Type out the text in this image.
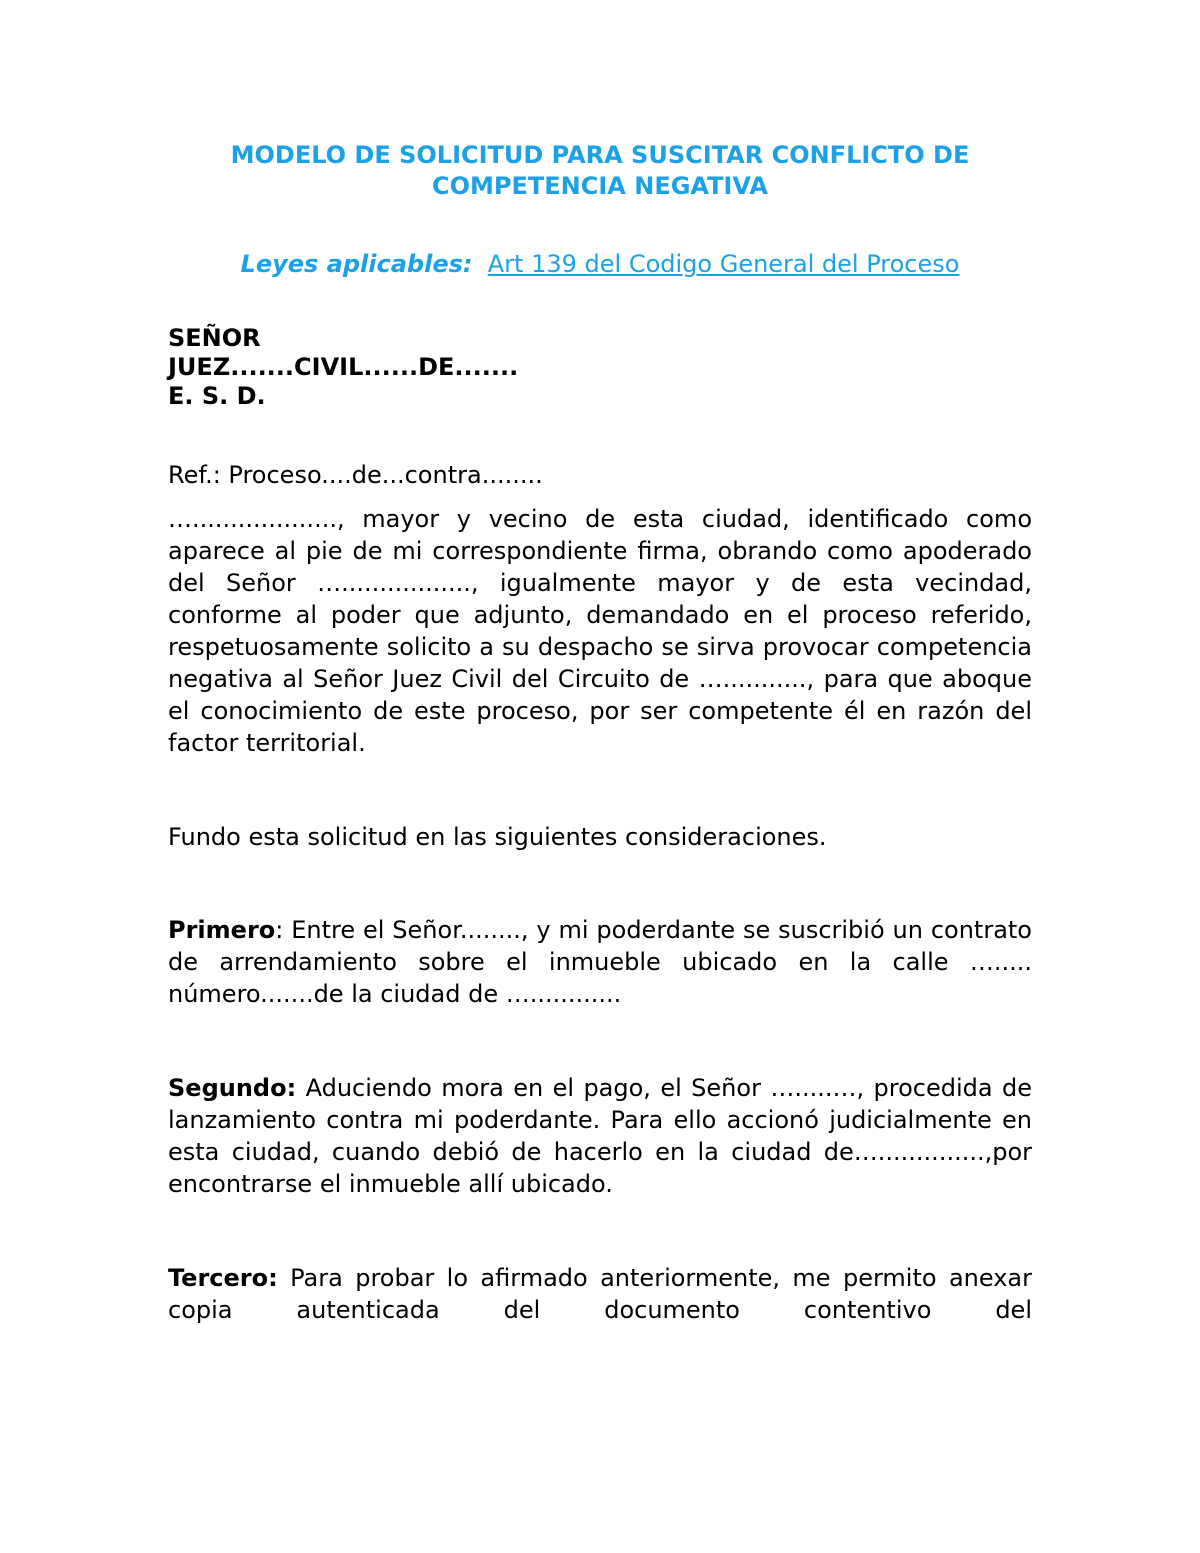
MODELO DE SOLICITUD PARA SUSCITAR CONFLICTO DE COMPETENCIA NEGATIVA

Leyes aplicables: Art 139 del Codigo General del Proceso

SEÑOR
JUEZ.......CIVIL......DE.......
E. S. D.

Ref.: Proceso....de...contra........

…..................., mayor y vecino de esta ciudad, identificado como aparece al pie de mi correspondiente firma, obrando como apoderado del Señor …................., igualmente mayor y de esta vecindad, conforme al poder que adjunto, demandado en el proceso referido, respetuosamente solicito a su despacho se sirva provocar competencia negativa al Señor Juez Civil del Circuito de …..........., para que aboque el conocimiento de este proceso, por ser competente él en razón del factor territorial.

Fundo esta solicitud en las siguientes consideraciones.

Primero: Entre el Señor........, y mi poderdante se suscribió un contrato de arrendamiento sobre el inmueble ubicado en la calle …..... número.......de la ciudad de …............

Segundo: Aduciendo mora en el pago, el Señor ….....…, procedida de lanzamiento contra mi poderdante. Para ello accionó judicialmente en esta ciudad, cuando debió de hacerlo en la ciudad de…..............,por encontrarse el inmueble allí ubicado.

Tercero: Para probar lo afirmado anteriormente, me permito anexar copia autenticada del documento contentivo del
